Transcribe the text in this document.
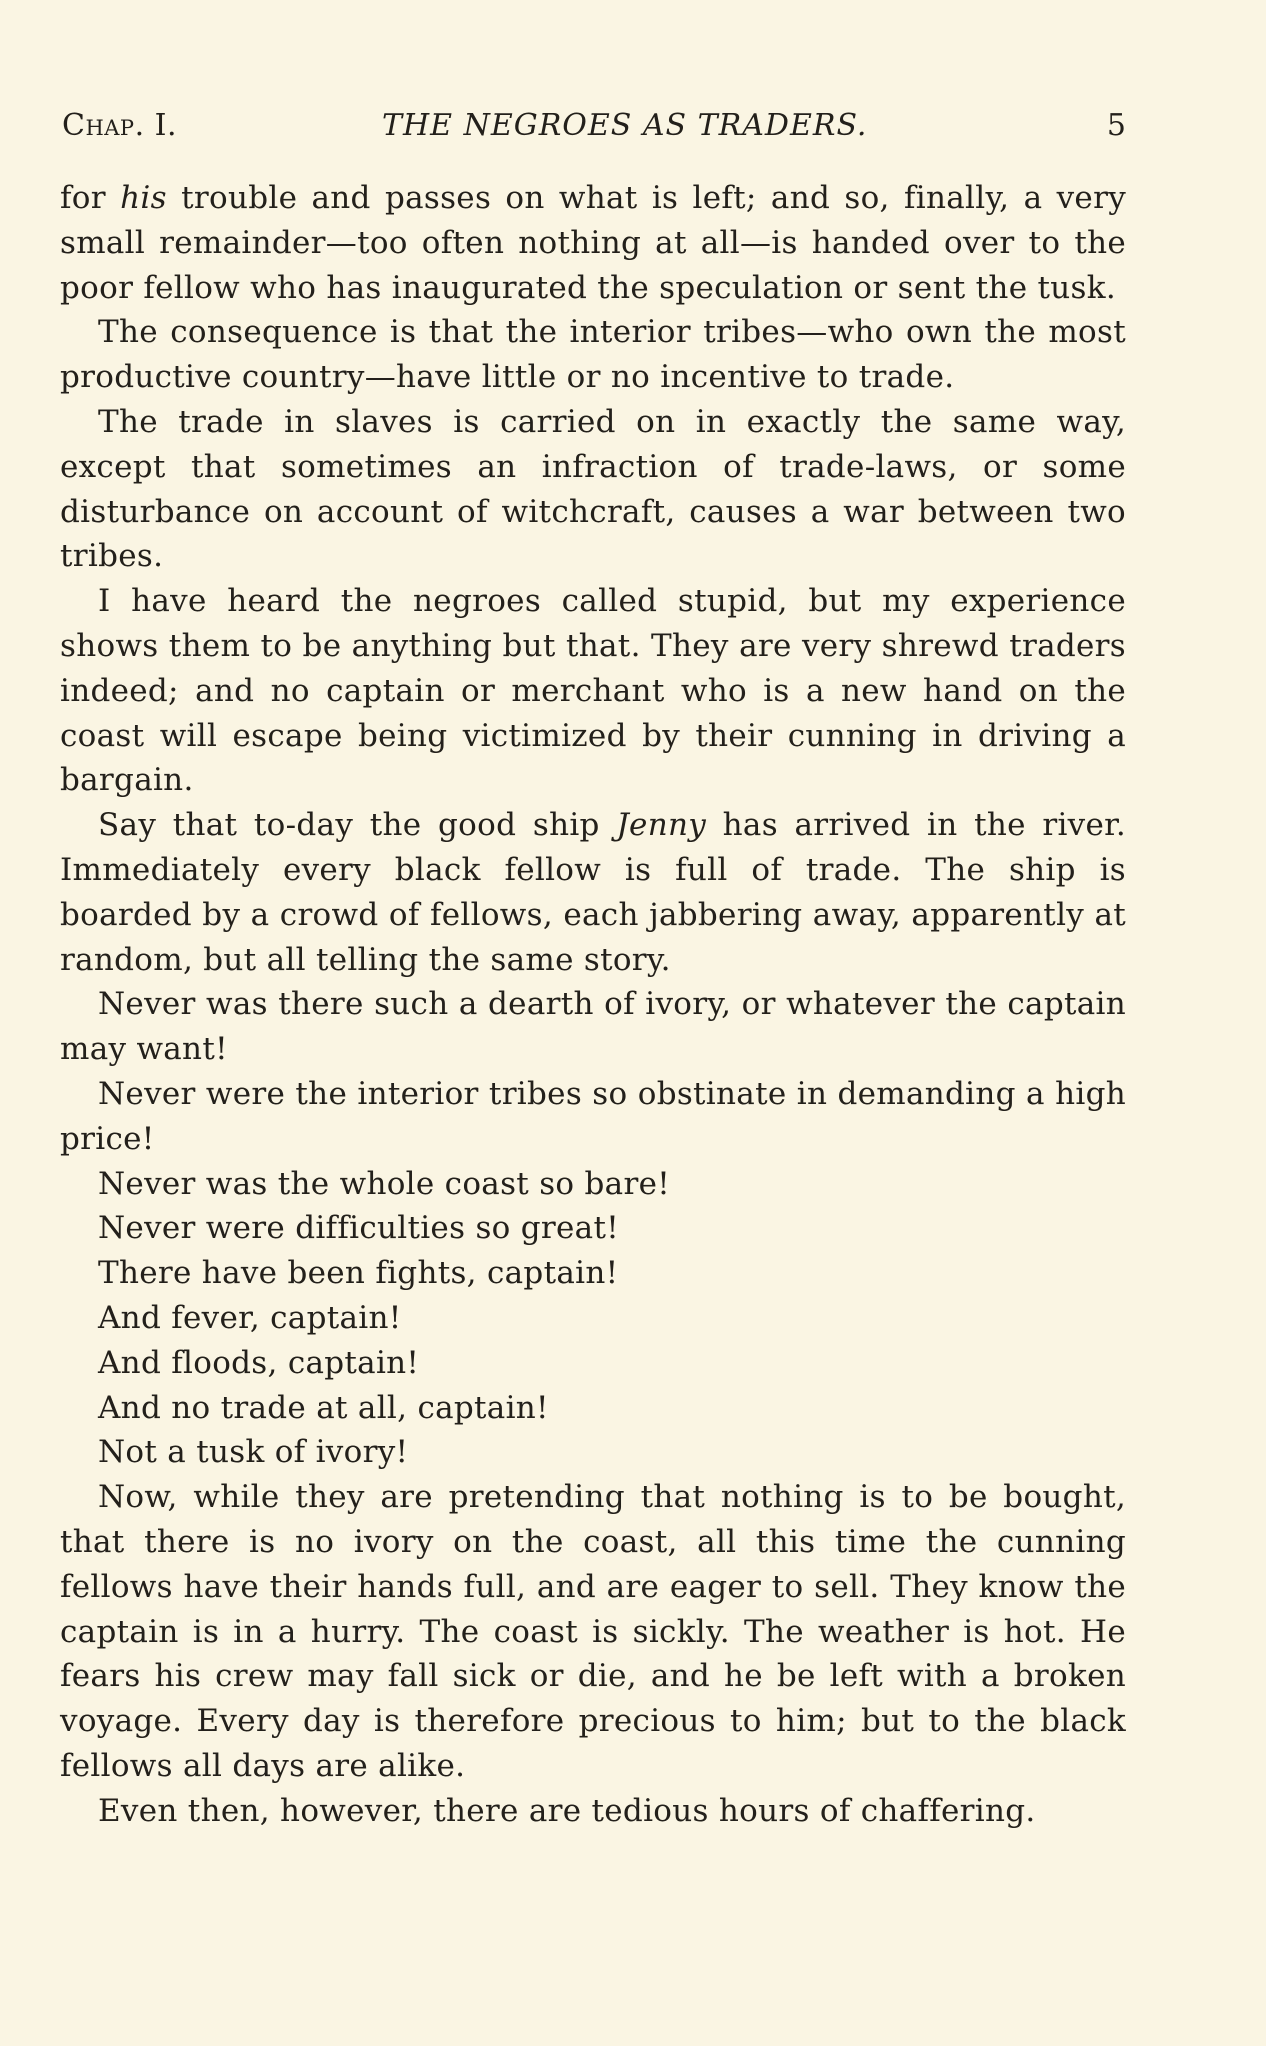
Chap. I.	THE NEGROES AS TRADERS.	5

for his trouble and passes on what is left; and so, finally, a very small remainder—too often nothing at all—is handed over to the poor fellow who has inaugurated the speculation or sent the tusk.

The consequence is that the interior tribes—who own the most productive country—have little or no incentive to trade.

The trade in slaves is carried on in exactly the same way, except that sometimes an infraction of trade-laws, or some disturbance on account of witchcraft, causes a war between two tribes.

I have heard the negroes called stupid, but my experience shows them to be anything but that. They are very shrewd traders indeed; and no captain or merchant who is a new hand on the coast will escape being victimized by their cunning in driving a bargain.

Say that to-day the good ship Jenny has arrived in the river. Immediately every black fellow is full of trade. The ship is boarded by a crowd of fellows, each jabbering away, apparently at random, but all telling the same story.

Never was there such a dearth of ivory, or whatever the captain may want!

Never were the interior tribes so obstinate in demanding a high price!

Never was the whole coast so bare!

Never were difficulties so great!

There have been fights, captain!

And fever, captain!

And floods, captain!

And no trade at all, captain!

Not a tusk of ivory!

Now, while they are pretending that nothing is to be bought, that there is no ivory on the coast, all this time the cunning fellows have their hands full, and are eager to sell. They know the captain is in a hurry. The coast is sickly. The weather is hot. He fears his crew may fall sick or die, and he be left with a broken voyage. Every day is therefore precious to him; but to the black fellows all days are alike.

Even then, however, there are tedious hours of chaffering.
